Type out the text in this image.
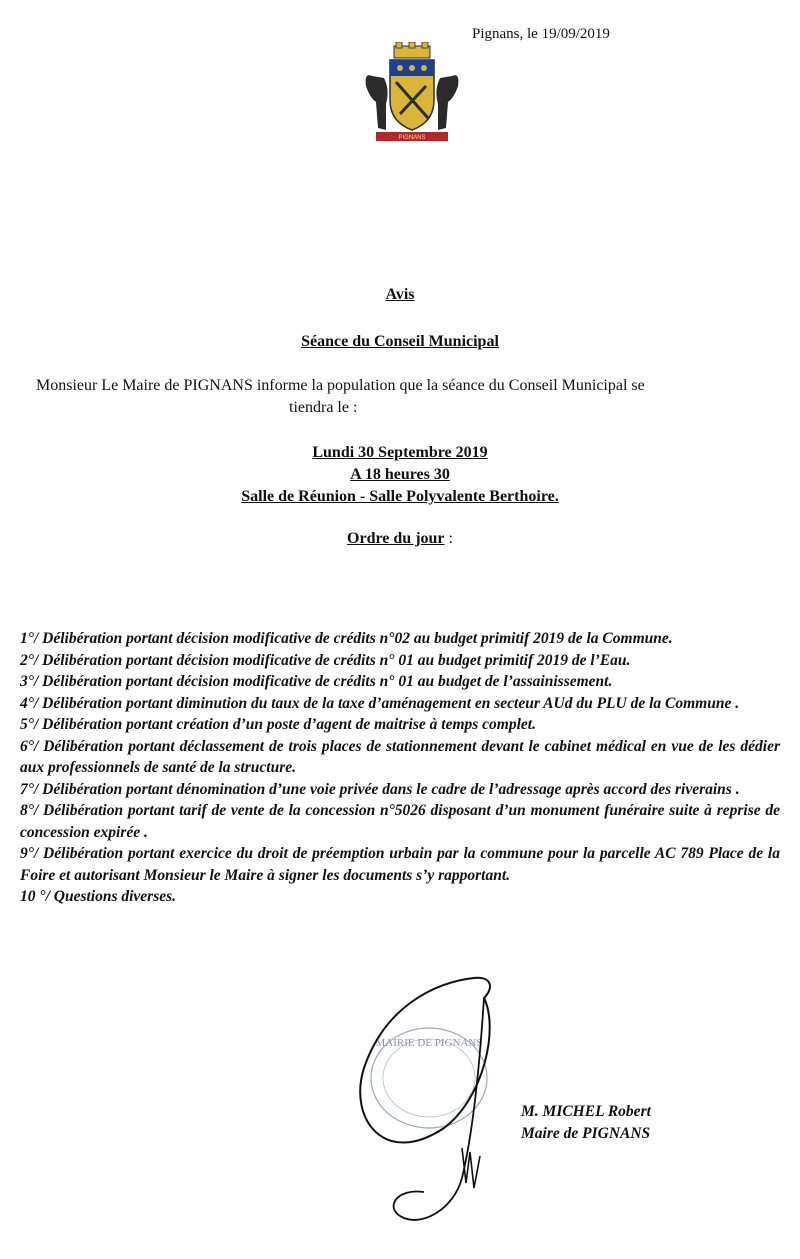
Pignans, le 19/09/2019
PIGNANS
Avis
Séance du Conseil Municipal
Monsieur Le Maire de PIGNANS informe la population que la séance du Conseil Municipal se
tiendra le :
Lundi 30 Septembre 2019
A 18 heures 30
Salle de Réunion - Salle Polyvalente Berthoire.
Ordre du jour :

1°/ Délibération portant décision modificative de crédits n°02 au budget primitif 2019 de la Commune.

2°/ Délibération portant décision modificative de crédits n° 01 au budget primitif 2019 de l’Eau.

3°/ Délibération portant décision modificative de crédits n° 01 au budget de l’assainissement.

4°/ Délibération portant diminution du taux de la taxe d’aménagement en secteur AUd du PLU de la Commune .

5°/ Délibération portant création d’un poste d’agent de maitrise à temps complet.

6°/ Délibération portant déclassement de trois places de stationnement devant le cabinet médical en vue de les dédier aux professionnels de santé de la structure.

7°/ Délibération portant dénomination d’une voie privée dans le cadre de l’adressage après accord des riverains .

8°/ Délibération portant tarif de vente de la concession n°5026 disposant d’un monument funéraire suite à reprise de concession expirée .

9°/ Délibération portant exercice du droit de préemption urbain par la commune pour la parcelle AC 789 Place de la Foire et autorisant Monsieur le Maire à signer les documents s’y rapportant.

10 °/ Questions diverses.

MAIRIE DE PIGNANS
M. MICHEL Robert
Maire de PIGNANS
